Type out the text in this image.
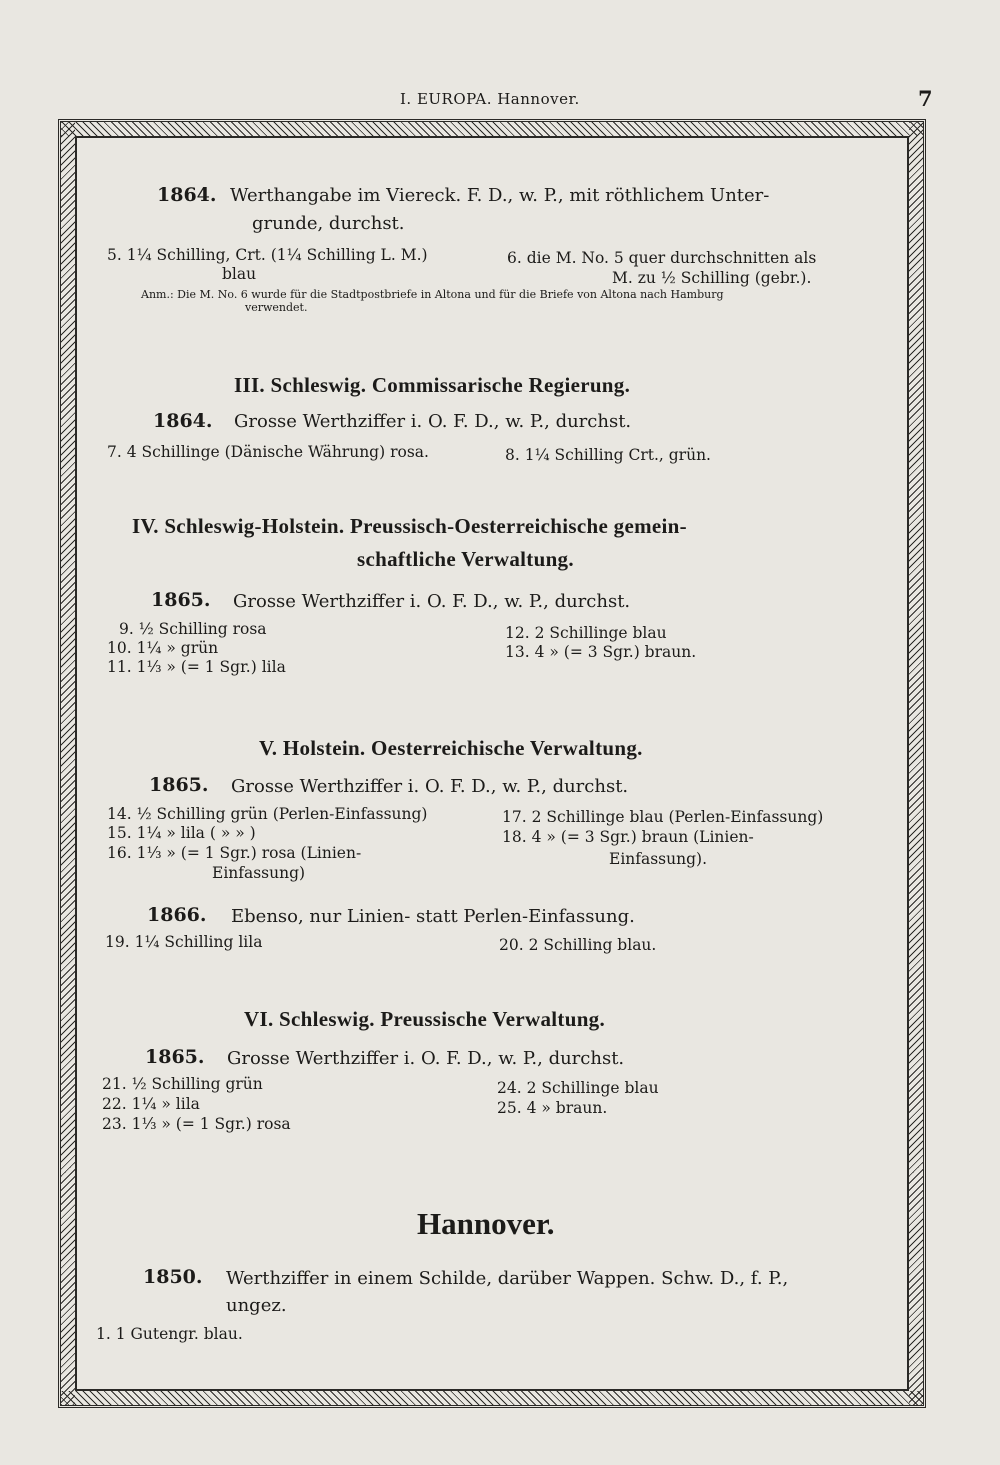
I. EUROPA. Hannover.	7
1864. Werthangabe im Viereck. F. D., w. P., mit röthlichem Unter-
grunde, durchst.
5. 1¼ Schilling, Crt. (1¼ Schilling L. M.)
blau
6. die M. No. 5 quer durchschnitten als
M. zu ½ Schilling (gebr.).
Anm.: Die M. No. 6 wurde für die Stadtpostbriefe in Altona und für die Briefe von Altona nach Hamburg
verwendet.
III. Schleswig. Commissarische Regierung.
1864. Grosse Werthziffer i. O. F. D., w. P., durchst.
7. 4 Schillinge (Dänische Währung) rosa.	8. 1¼ Schilling Crt., grün.
IV. Schleswig-Holstein. Preussisch-Oesterreichische gemein-
schaftliche Verwaltung.
1865. Grosse Werthziffer i. O. F. D., w. P., durchst.
9. ½ Schilling rosa
10. 1¼ » grün
11. 1⅓ » (= 1 Sgr.) lila
12. 2 Schillinge blau
13. 4 » (= 3 Sgr.) braun.
V. Holstein. Oesterreichische Verwaltung.
1865. Grosse Werthziffer i. O. F. D., w. P., durchst.
14. ½ Schilling grün (Perlen-Einfassung)
15. 1¼ » lila ( » » )
16. 1⅓ » (= 1 Sgr.) rosa (Linien-
Einfassung)
17. 2 Schillinge blau (Perlen-Einfassung)
18. 4 » (= 3 Sgr.) braun (Linien-
Einfassung).
1866. Ebenso, nur Linien- statt Perlen-Einfassung.
19. 1¼ Schilling lila	20. 2 Schilling blau.
VI. Schleswig. Preussische Verwaltung.
1865. Grosse Werthziffer i. O. F. D., w. P., durchst.
21. ½ Schilling grün
22. 1¼ » lila
23. 1⅓ » (= 1 Sgr.) rosa
24. 2 Schillinge blau
25. 4 » braun.
Hannover.
1850. Werthziffer in einem Schilde, darüber Wappen. Schw. D., f. P.,
ungez.
1. 1 Gutengr. blau.
